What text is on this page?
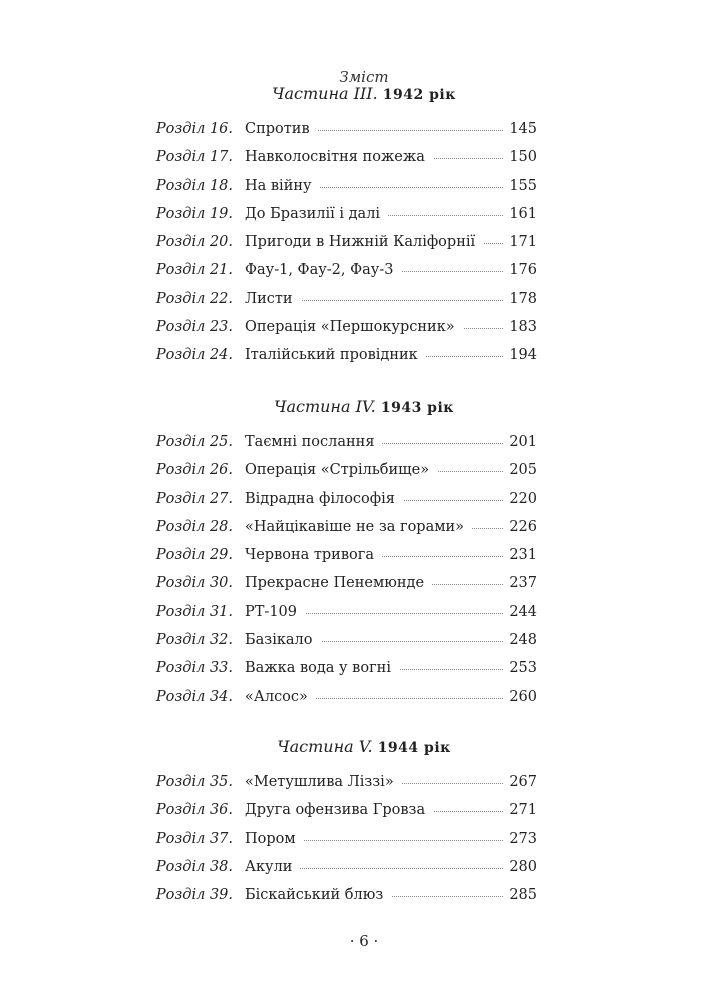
Зміст
Частина III. 1942 рік
Розділ 16. Спротив	145
Розділ 17. Навколосвітня пожежа	150
Розділ 18. На війну	155
Розділ 19. До Бразилії і далі	161
Розділ 20. Пригоди в Нижній Каліфорнії	171
Розділ 21. Фау-1, Фау-2, Фау-3	176
Розділ 22. Листи	178
Розділ 23. Операція «Першокурсник»	183
Розділ 24. Італійський провідник	194
Частина IV. 1943 рік
Розділ 25. Таємні послання	201
Розділ 26. Операція «Стрільбище»	205
Розділ 27. Відрадна філософія	220
Розділ 28. «Найцікавіше не за горами»	226
Розділ 29. Червона тривога	231
Розділ 30. Прекрасне Пенемюнде	237
Розділ 31. РТ-109	244
Розділ 32. Базікало	248
Розділ 33. Важка вода у вогні	253
Розділ 34. «Алсос»	260
Частина V. 1944 рік
Розділ 35. «Метушлива Ліззі»	267
Розділ 36. Друга офензива Гровза	271
Розділ 37. Пором	273
Розділ 38. Акули	280
Розділ 39. Біскайський блюз	285
· 6 ·
